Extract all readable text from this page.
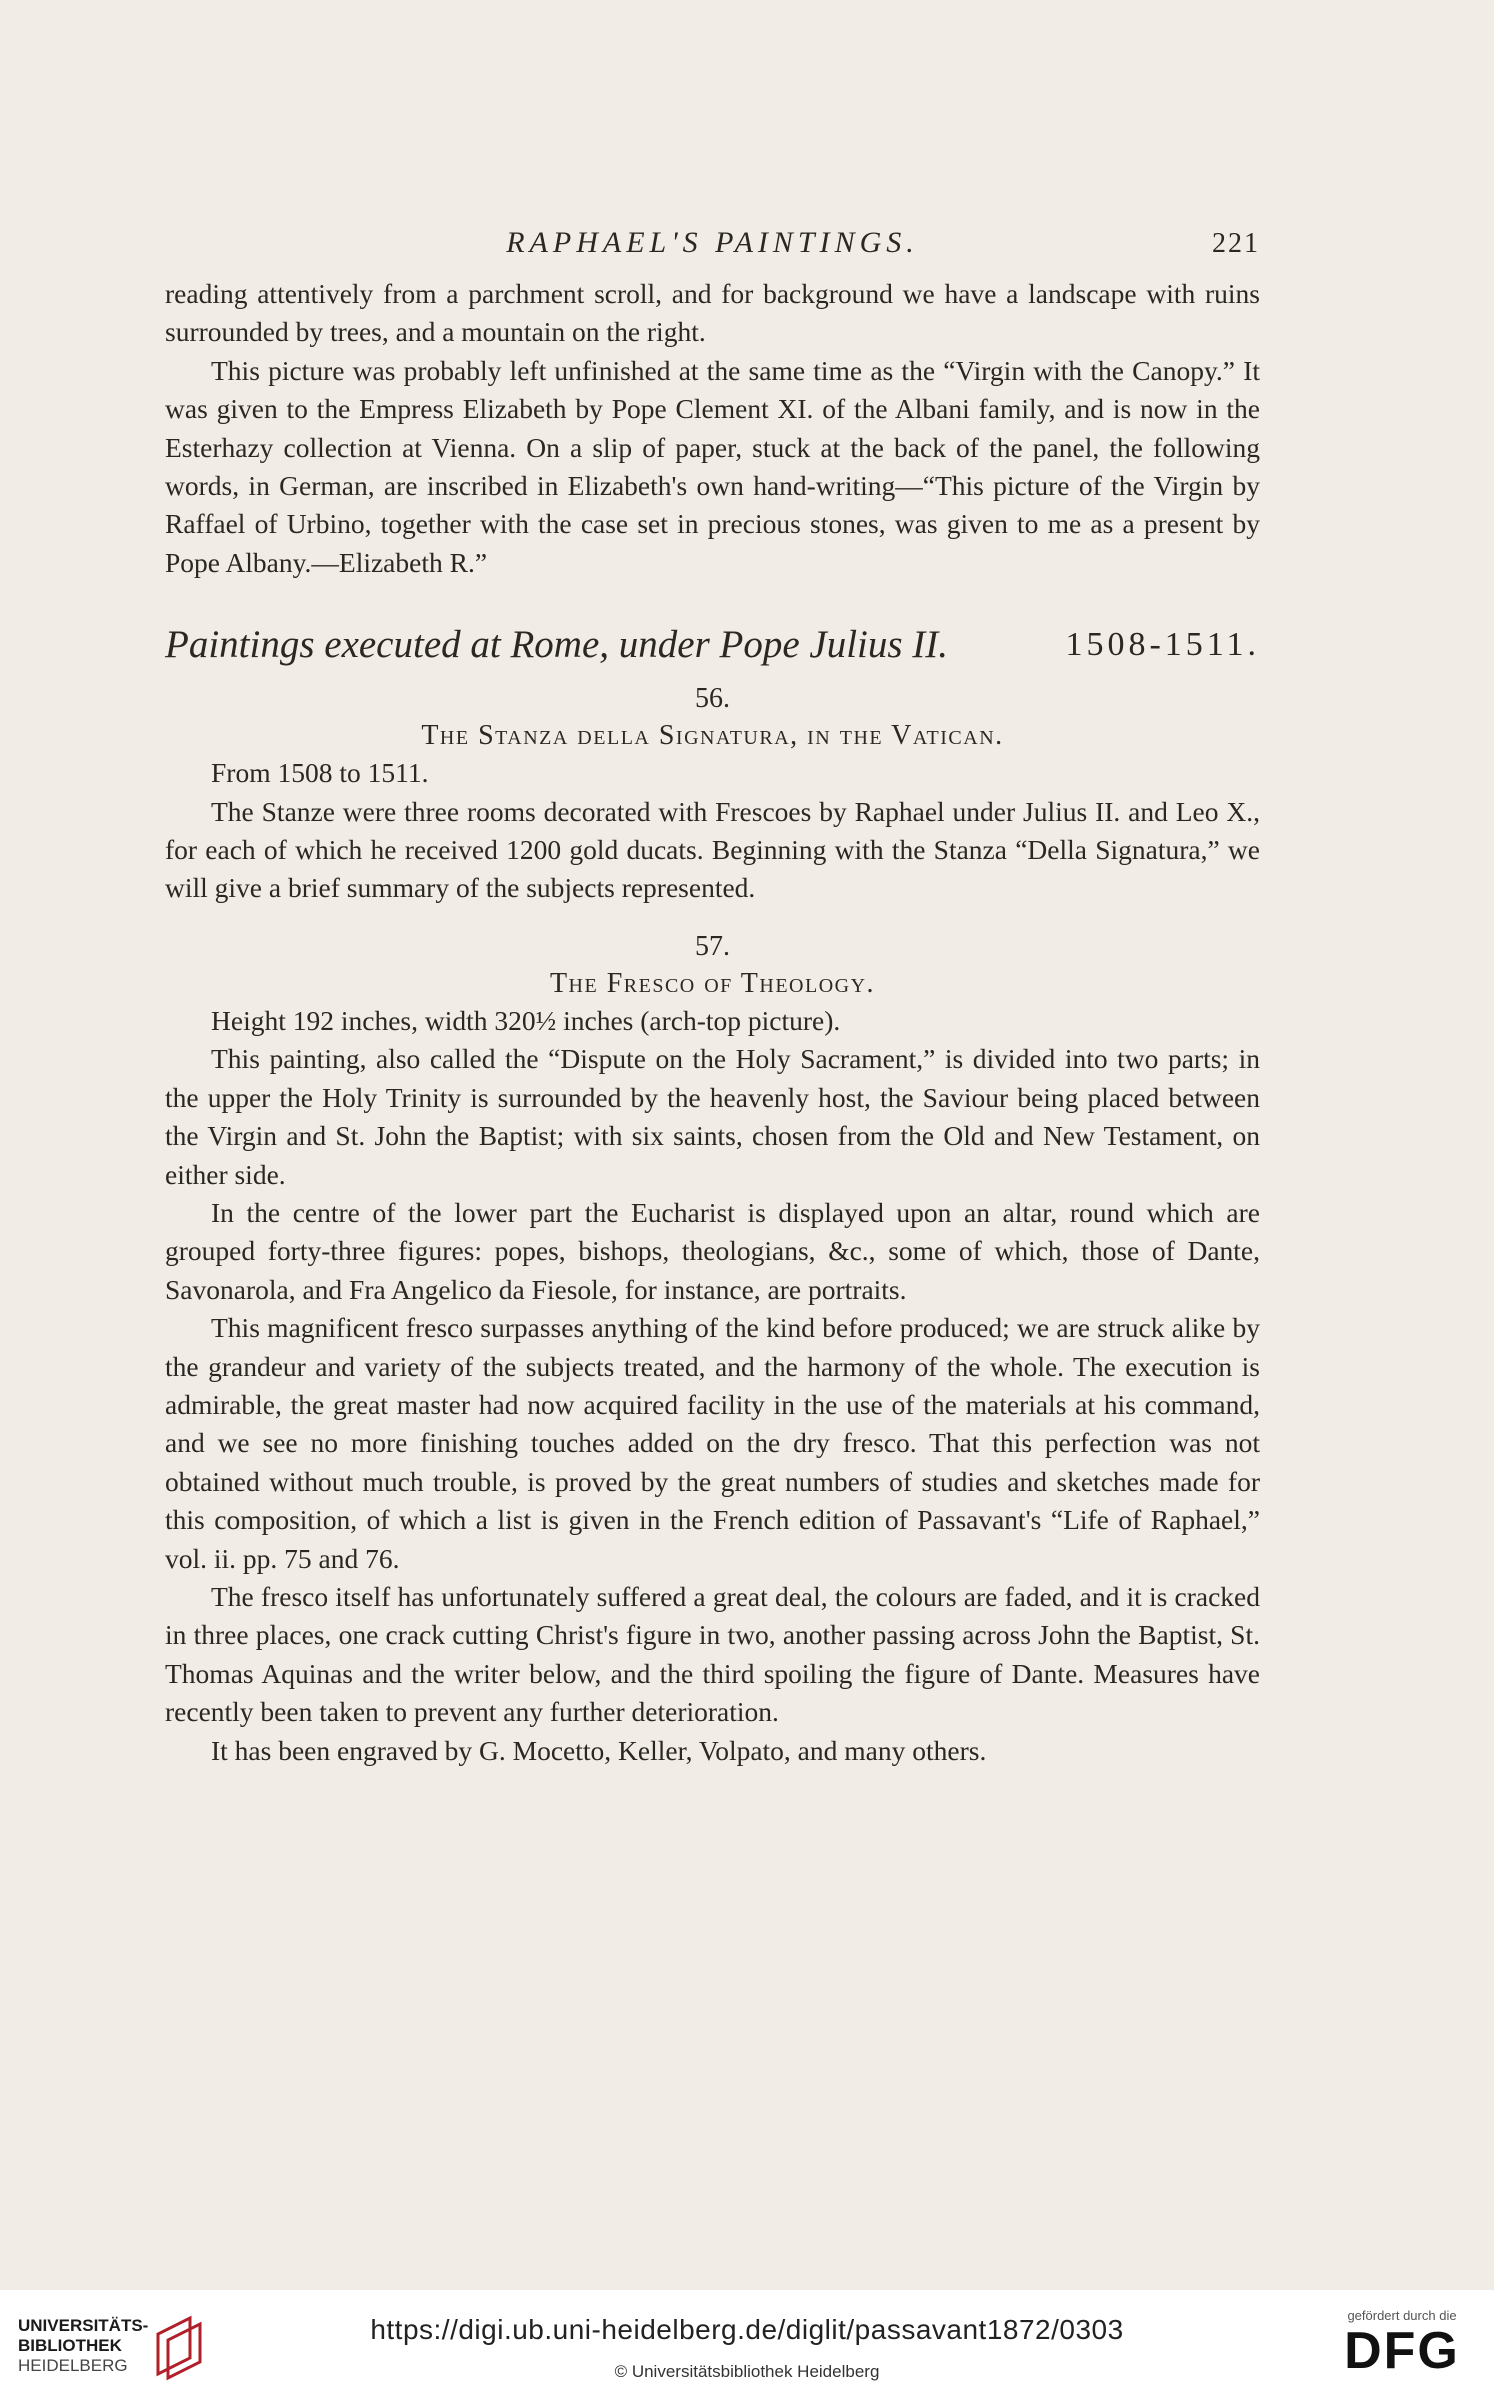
RAPHAEL'S PAINTINGS.	221

reading attentively from a parchment scroll, and for background we have a landscape with ruins surrounded by trees, and a mountain on the right.

This picture was probably left unfinished at the same time as the “Virgin with the Canopy.” It was given to the Empress Elizabeth by Pope Clement XI. of the Albani family, and is now in the Esterhazy collection at Vienna. On a slip of paper, stuck at the back of the panel, the following words, in German, are inscribed in Elizabeth's own hand-writing—“This picture of the Virgin by Raffael of Urbino, together with the case set in precious stones, was given to me as a present by Pope Albany.—Elizabeth R.”

Paintings executed at Rome, under Pope Julius II.	1508-1511.
56.
The Stanza della Signatura, in the Vatican.

From 1508 to 1511.

The Stanze were three rooms decorated with Frescoes by Raphael under Julius II. and Leo X., for each of which he received 1200 gold ducats. Beginning with the Stanza “Della Signatura,” we will give a brief summary of the subjects represented.

57.
The Fresco of Theology.

Height 192 inches, width 320½ inches (arch-top picture).

This painting, also called the “Dispute on the Holy Sacrament,” is divided into two parts; in the upper the Holy Trinity is surrounded by the heavenly host, the Saviour being placed between the Virgin and St. John the Baptist; with six saints, chosen from the Old and New Testament, on either side.

In the centre of the lower part the Eucharist is displayed upon an altar, round which are grouped forty-three figures: popes, bishops, theologians, &c., some of which, those of Dante, Savonarola, and Fra Angelico da Fiesole, for instance, are portraits.

This magnificent fresco surpasses anything of the kind before produced; we are struck alike by the grandeur and variety of the subjects treated, and the harmony of the whole. The execution is admirable, the great master had now acquired facility in the use of the materials at his command, and we see no more finishing touches added on the dry fresco. That this perfection was not obtained without much trouble, is proved by the great numbers of studies and sketches made for this composition, of which a list is given in the French edition of Passavant's “Life of Raphael,” vol. ii. pp. 75 and 76.

The fresco itself has unfortunately suffered a great deal, the colours are faded, and it is cracked in three places, one crack cutting Christ's figure in two, another passing across John the Baptist, St. Thomas Aquinas and the writer below, and the third spoiling the figure of Dante. Measures have recently been taken to prevent any further deterioration.

It has been engraved by G. Mocetto, Keller, Volpato, and many others.

UNIVERSITÄTS-
BIBLIOTHEK
HEIDELBERG
https://digi.ub.uni-heidelberg.de/diglit/passavant1872/0303
© Universitätsbibliothek Heidelberg
gefördert durch die
DFG
